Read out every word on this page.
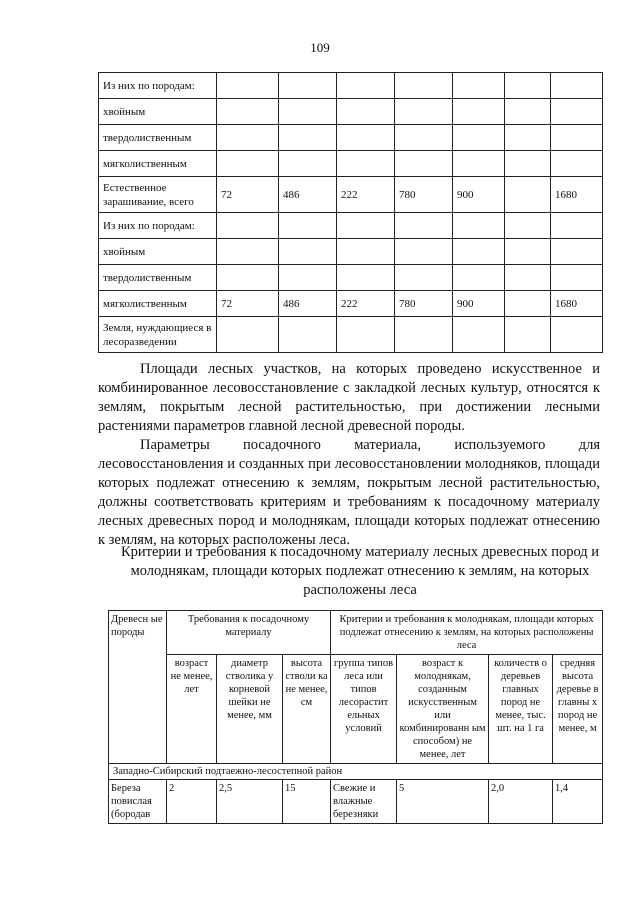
109
Из них по породам:							
хвойным							
твердолиственным							
мягколиственным							
Естественное зарашивание, всего	72	486	222	780	900		1680
Из них по породам:							
хвойным							
твердолиственным							
мягколиственным	72	486	222	780	900		1680
Земля, нуждающиеся в лесоразведении							

Площади лесных участков, на которых проведено искусственное и комбинированное лесовосстановление с закладкой лесных культур, относятся к землям, покрытым лесной растительностью, при достижении лесными растениями параметров главной лесной древесной породы.

Параметры посадочного материала, используемого для лесовосстановления и созданных при лесовосстановлении молодняков, площади которых подлежат отнесению к землям, покрытым лесной растительностью, должны соответствовать критериям и требованиям к посадочному материалу лесных древесных пород и молоднякам, площади которых подлежат отнесению к землям, на которых расположены леса.

Критерии и требования к посадочному материалу лесных древесных пород и молоднякам, площади которых подлежат отнесению к землям, на которых расположены леса

Древесн ые породы	Требования к посадочному материалу			Критерии и требования к молоднякам, площади которых подлежат отнесению к землям, на которых расположены леса			
	возраст не менее, лет	диаметр стволика у корневой шейки не менее, мм	высота стволи ка не менее, см	группа типов леса или типов лесорастит ельных условий	возраст к молоднякам, созданным искусственным или комбинированн ым способом) не менее, лет	количеств о деревьев главных пород не менее, тыс. шт. на 1 га	средняя высота деревье в главны х пород не менее, м
Западно-Сибирский подтаежно-лесостепной район							
Береза повислая (бородав	2	2,5	15	Свежие и влажные березняки	5	2,0	1,4
